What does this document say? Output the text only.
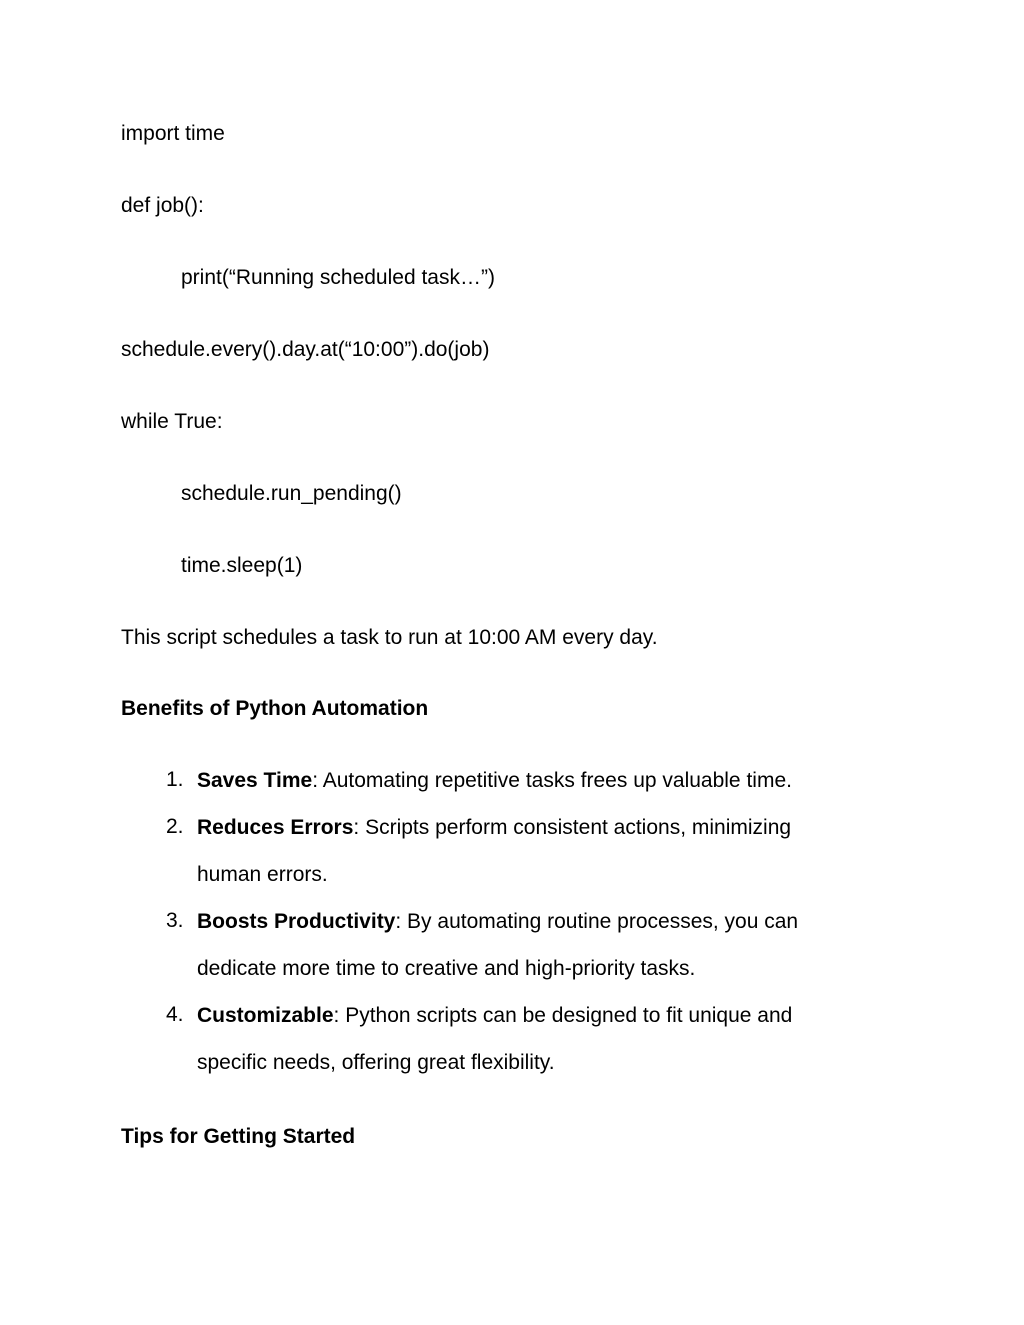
import time
def job():
print(“Running scheduled task…”)
schedule.every().day.at(“10:00”).do(job)
while True:
schedule.run_pending()
time.sleep(1)
This script schedules a task to run at 10:00 AM every day.
Benefits of Python Automation
1. Saves Time: Automating repetitive tasks frees up valuable time.
2. Reduces Errors: Scripts perform consistent actions, minimizing human errors.
3. Boosts Productivity: By automating routine processes, you can dedicate more time to creative and high-priority tasks.
4. Customizable: Python scripts can be designed to fit unique and specific needs, offering great flexibility.
Tips for Getting Started
